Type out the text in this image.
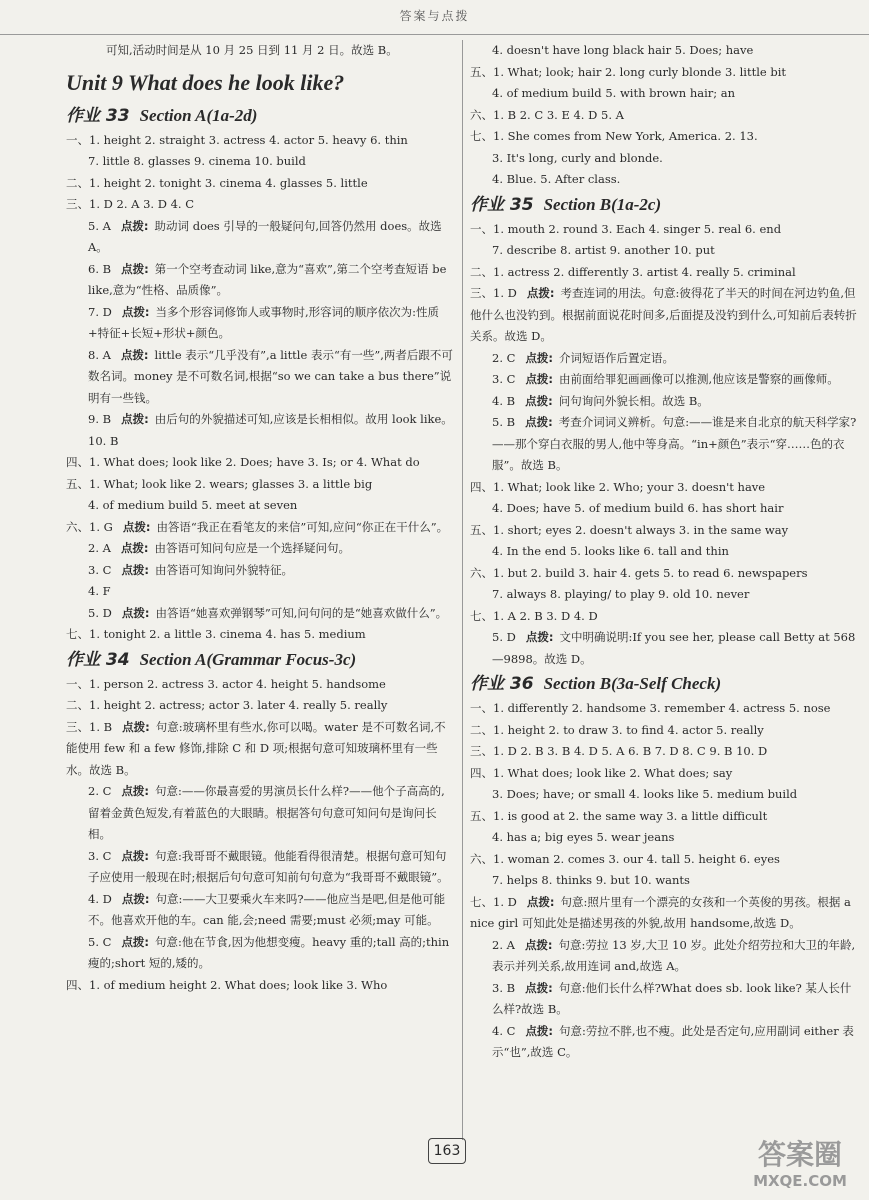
答案与点拨
可知,活动时间是从 10 月 25 日到 11 月 2 日。故选 B。
Unit 9 What does he look like?
作业 33 Section A(1a-2d)
一、1. height 2. straight 3. actress 4. actor 5. heavy 6. thin
7. little 8. glasses 9. cinema 10. build
二、1. height 2. tonight 3. cinema 4. glasses 5. little
三、1. D 2. A 3. D 4. C
5. A 点拨: 助动词 does 引导的一般疑问句,回答仍然用 does。故选 A。
6. B 点拨: 第一个空考查动词 like,意为“喜欢”,第二个空考查短语 be like,意为“性格、品质像”。
7. D 点拨: 当多个形容词修饰人或事物时,形容词的顺序依次为:性质+特征+长短+形状+颜色。
8. A 点拨: little 表示“几乎没有”,a little 表示“有一些”,两者后跟不可数名词。money 是不可数名词,根据“so we can take a bus there”说明有一些钱。
9. B 点拨: 由后句的外貌描述可知,应该是长相相似。故用 look like。
10. B
四、1. What does; look like 2. Does; have 3. Is; or 4. What do
五、1. What; look like 2. wears; glasses 3. a little big
4. of medium build 5. meet at seven
六、1. G 点拨: 由答语“我正在看笔友的来信”可知,应问“你正在干什么”。
2. A 点拨: 由答语可知问句应是一个选择疑问句。
3. C 点拨: 由答语可知询问外貌特征。
4. F
5. D 点拨: 由答语“她喜欢弹钢琴”可知,问句问的是“她喜欢做什么”。
七、1. tonight 2. a little 3. cinema 4. has 5. medium
作业 34 Section A(Grammar Focus-3c)
一、1. person 2. actress 3. actor 4. height 5. handsome
二、1. height 2. actress; actor 3. later 4. really 5. really
三、1. B 点拨: 句意:玻璃杯里有些水,你可以喝。water 是不可数名词,不能使用 few 和 a few 修饰,排除 C 和 D 项;根据句意可知玻璃杯里有一些水。故选 B。
2. C 点拨: 句意:——你最喜爱的男演员长什么样?——他个子高高的,留着金黄色短发,有着蓝色的大眼睛。根据答句句意可知问句是询问长相。
3. C 点拨: 句意:我哥哥不戴眼镜。他能看得很清楚。根据句意可知句子应使用一般现在时;根据后句句意可知前句句意为“我哥哥不戴眼镜”。
4. D 点拨: 句意:——大卫要乘火车来吗?——他应当是吧,但是他可能不。他喜欢开他的车。can 能,会;need 需要;must 必须;may 可能。
5. C 点拨: 句意:他在节食,因为他想变瘦。heavy 重的;tall 高的;thin 瘦的;short 短的,矮的。
四、1. of medium height 2. What does; look like 3. Who
4. doesn't have long black hair 5. Does; have
五、1. What; look; hair 2. long curly blonde 3. little bit
4. of medium build 5. with brown hair; an
六、1. B 2. C 3. E 4. D 5. A
七、1. She comes from New York, America. 2. 13.
3. It's long, curly and blonde.
4. Blue. 5. After class.
作业 35 Section B(1a-2c)
一、1. mouth 2. round 3. Each 4. singer 5. real 6. end
7. describe 8. artist 9. another 10. put
二、1. actress 2. differently 3. artist 4. really 5. criminal
三、1. D 点拨: 考查连词的用法。句意:彼得花了半天的时间在河边钓鱼,但他什么也没钓到。根据前面说花时间多,后面提及没钓到什么,可知前后表转折关系。故选 D。
2. C 点拨: 介词短语作后置定语。
3. C 点拨: 由前面给罪犯画画像可以推测,他应该是警察的画像师。
4. B 点拨: 问句询问外貌长相。故选 B。
5. B 点拨: 考查介词词义辨析。句意:——谁是来自北京的航天科学家?——那个穿白衣服的男人,他中等身高。“in+颜色”表示“穿……色的衣服”。故选 B。
四、1. What; look like 2. Who; your 3. doesn't have
4. Does; have 5. of medium build 6. has short hair
五、1. short; eyes 2. doesn't always 3. in the same way
4. In the end 5. looks like 6. tall and thin
六、1. but 2. build 3. hair 4. gets 5. to read 6. newspapers
7. always 8. playing/ to play 9. old 10. never
七、1. A 2. B 3. D 4. D
5. D 点拨: 文中明确说明:If you see her, please call Betty at 568—9898。故选 D。
作业 36 Section B(3a-Self Check)
一、1. differently 2. handsome 3. remember 4. actress 5. nose
二、1. height 2. to draw 3. to find 4. actor 5. really
三、1. D 2. B 3. B 4. D 5. A 6. B 7. D 8. C 9. B 10. D
四、1. What does; look like 2. What does; say
3. Does; have; or small 4. looks like 5. medium build
五、1. is good at 2. the same way 3. a little difficult
4. has a; big eyes 5. wear jeans
六、1. woman 2. comes 3. our 4. tall 5. height 6. eyes
7. helps 8. thinks 9. but 10. wants
七、1. D 点拨: 句意:照片里有一个漂亮的女孩和一个英俊的男孩。根据 a nice girl 可知此处是描述男孩的外貌,故用 handsome,故选 D。
2. A 点拨: 句意:劳拉 13 岁,大卫 10 岁。此处介绍劳拉和大卫的年龄,表示并列关系,故用连词 and,故选 A。
3. B 点拨: 句意:他们长什么样?What does sb. look like? 某人长什么样?故选 B。
4. C 点拨: 句意:劳拉不胖,也不瘦。此处是否定句,应用副词 either 表示“也”,故选 C。
163	答案圈
MXQE.COM
